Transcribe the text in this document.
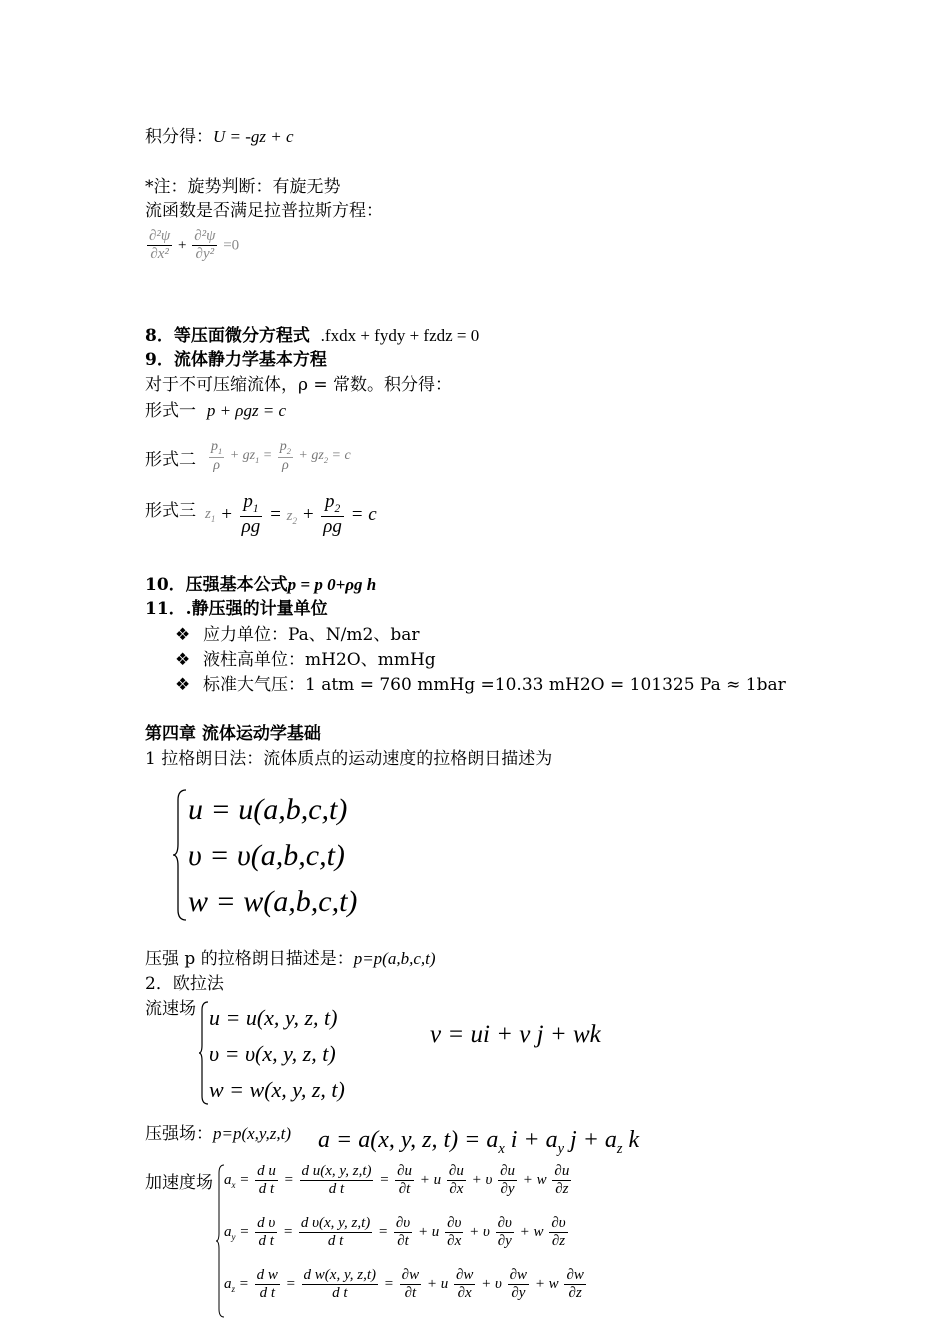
积分得：U = -gz + c
*注：旋势判断：有旋无势
流函数是否满足拉普拉斯方程：
$\frac{\text{∂²ψ}}{\text{∂x²}} + \frac{\text{∂²ψ}}{\text{∂y²}} =0$
8．等压面微分方程式 .fxdx + fydy + fzdz = 0
9．流体静力学基本方程
对于不可压缩流体，ρ = 常数。积分得：
形式一 p + ρgz = c
形式二 $\frac{p_1}{\rho} + gz_1 = \frac{p_2}{\rho} + gz_2 = c$
形式三 $z_1 + \frac{p_1}{\rho g} = z_2 + \frac{p_2}{\rho g} = c$
10．压强基本公式p = p 0+ρg h
11．.静压强的计量单位
❖ 应力单位：Pa、N/m2、bar
❖ 液柱高单位：mH2O、mmHg
❖ 标准大气压：1 atm = 760 mmHg =10.33 mH2O = 101325 Pa ≈ 1bar
第四章 流体运动学基础
1 拉格朗日法：流体质点的运动速度的拉格朗日描述为
u = u(a,b,c,t)
υ = υ(a,b,c,t)
w = w(a,b,c,t)
压强 p 的拉格朗日描述是：p=p(a,b,c,t)
2．欧拉法
流速场 u = u(x, y, z, t)
υ = υ(x, y, z, t)
w = w(x, y, z, t)
v = ui + v j + wk
压强场：p=p(x,y,z,t) a = a(x, y, z, $t) = a_x$ $i + a_y$ $j + a_z$ k
加速度场 $a_x = \frac{\text{d u}}{\text{d t}} = \frac{\text{d u(x, y, z,t)}}{\text{d t}} = \frac{\partial u}{\partial t} + u \frac{\partial u}{\partial x} + \upsilon \frac{\partial u}{\partial y} + w \frac{\partial u}{\partial z}$
$a_y = \frac{\text{d υ}}{\text{d t}} = \frac{\text{d υ(x, y, z,t)}}{\text{d t}} = \frac{\partial\upsilon}{\partial t} + u \frac{\partial\upsilon}{\partial x} + \upsilon \frac{\partial\upsilon}{\partial y} + w \frac{\partial\upsilon}{\partial z}$
$a_z = \frac{\text{d w}}{\text{d t}} = \frac{\text{d w(x, y, z,t)}}{\text{d t}} = \frac{\partial w}{\partial t} + u \frac{\partial w}{\partial x} + \upsilon \frac{\partial w}{\partial y} + w \frac{\partial w}{\partial z}$
